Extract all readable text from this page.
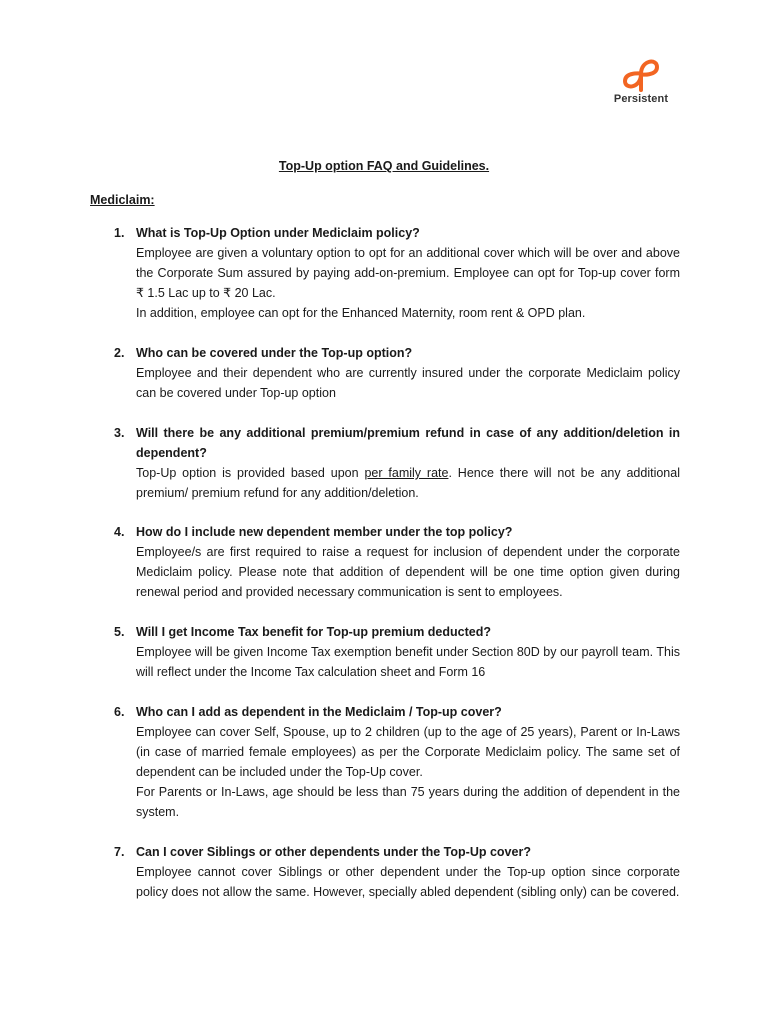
Persistent
Top-Up option FAQ and Guidelines.
Mediclaim:
1. What is Top-Up Option under Mediclaim policy?

Employee are given a voluntary option to opt for an additional cover which will be over and above the Corporate Sum assured by paying add-on-premium. Employee can opt for Top-up cover form ₹ 1.5 Lac up to ₹ 20 Lac.

In addition, employee can opt for the Enhanced Maternity, room rent & OPD plan.

2. Who can be covered under the Top-up option?

Employee and their dependent who are currently insured under the corporate Mediclaim policy can be covered under Top-up option

3. Will there be any additional premium/premium refund in case of any addition/deletion in dependent?

Top-Up option is provided based upon per family rate. Hence there will not be any additional premium/ premium refund for any addition/deletion.

4. How do I include new dependent member under the top policy?

Employee/s are first required to raise a request for inclusion of dependent under the corporate Mediclaim policy. Please note that addition of dependent will be one time option given during renewal period and provided necessary communication is sent to employees.

5. Will I get Income Tax benefit for Top-up premium deducted?

Employee will be given Income Tax exemption benefit under Section 80D by our payroll team. This will reflect under the Income Tax calculation sheet and Form 16

6. Who can I add as dependent in the Mediclaim / Top-up cover?

Employee can cover Self, Spouse, up to 2 children (up to the age of 25 years), Parent or In-Laws (in case of married female employees) as per the Corporate Mediclaim policy. The same set of dependent can be included under the Top-Up cover.

For Parents or In-Laws, age should be less than 75 years during the addition of dependent in the system.

7. Can I cover Siblings or other dependents under the Top-Up cover?

Employee cannot cover Siblings or other dependent under the Top-up option since corporate policy does not allow the same. However, specially abled dependent (sibling only) can be covered.
